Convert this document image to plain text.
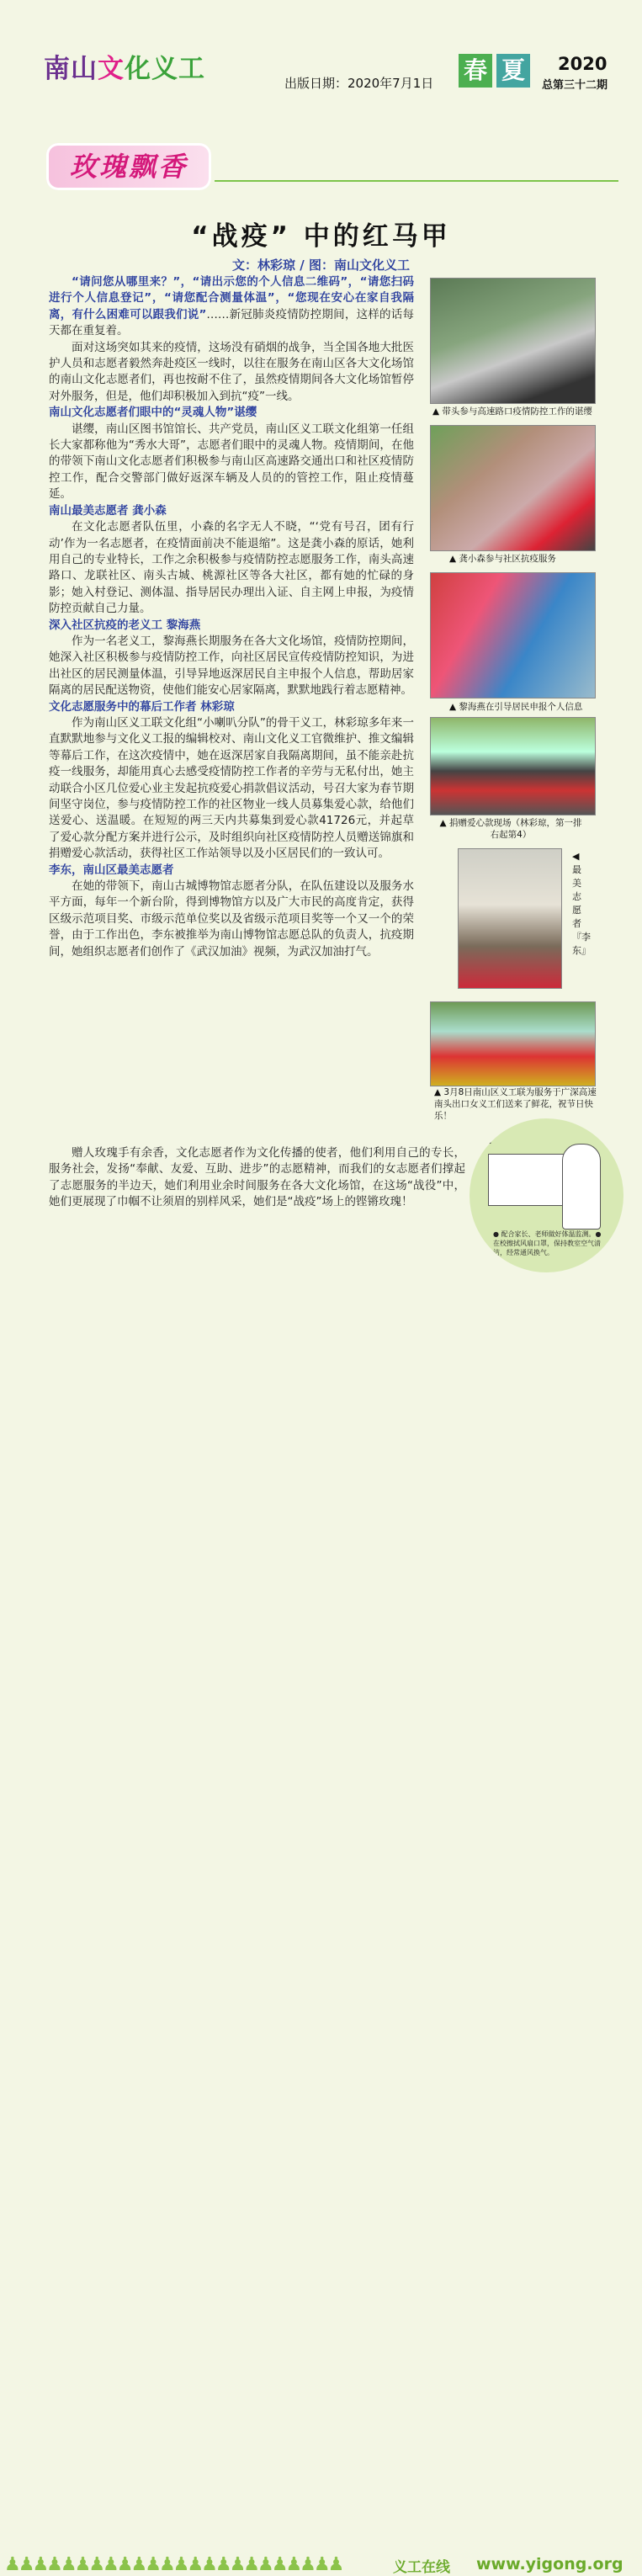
南山文化义工	出版日期：2020年7月1日 春 夏 2020
总第三十二期
玫瑰飘香
“战疫” 中的红马甲
文：林彩琼 / 图：南山文化义工

“请问您从哪里来？”，“请出示您的个人信息二维码”，“请您扫码进行个人信息登记”，“请您配合测量体温”，“您现在安心在家自我隔离，有什么困难可以跟我们说”……新冠肺炎疫情防控期间，这样的话每天都在重复着。

面对这场突如其来的疫情，这场没有硝烟的战争，当全国各地大批医护人员和志愿者毅然奔赴疫区一线时，以往在服务在南山区各大文化场馆的南山文化志愿者们，再也按耐不住了，虽然疫情期间各大文化场馆暂停对外服务，但是，他们却积极加入到抗“疫”一线。

南山文化志愿者们眼中的“灵魂人物”谌缨

谌缨，南山区图书馆馆长、共产党员，南山区义工联文化组第一任组长大家都称他为“秀水大哥”，志愿者们眼中的灵魂人物。疫情期间，在他的带领下南山文化志愿者们积极参与南山区高速路交通出口和社区疫情防控工作，配合交警部门做好返深车辆及人员的的管控工作，阻止疫情蔓延。

南山最美志愿者 龚小森

在文化志愿者队伍里，小森的名字无人不晓，“‘党有号召，团有行动’作为一名志愿者，在疫情面前决不能退缩”。这是龚小森的原话，她利用自己的专业特长，工作之余积极参与疫情防控志愿服务工作，南头高速路口、龙联社区、南头古城、桃源社区等各大社区，都有她的忙碌的身影；她入村登记、测体温、指导居民办理出入证、自主网上申报，为疫情防控贡献自己力量。

深入社区抗疫的老义工 黎海燕

作为一名老义工，黎海燕长期服务在各大文化场馆，疫情防控期间，她深入社区积极参与疫情防控工作，向社区居民宣传疫情防控知识，为进出社区的居民测量体温，引导异地返深居民自主申报个人信息，帮助居家隔离的居民配送物资，使他们能安心居家隔离，默默地践行着志愿精神。

文化志愿服务中的幕后工作者 林彩琼

作为南山区义工联文化组“小喇叭分队”的骨干义工，林彩琼多年来一直默默地参与文化义工报的编辑校对、南山文化义工官微维护、推文编辑等幕后工作，在这次疫情中，她在返深居家自我隔离期间，虽不能亲赴抗疫一线服务，却能用真心去感受疫情防控工作者的辛劳与无私付出，她主动联合小区几位爱心业主发起抗疫爱心捐款倡议活动，号召大家为春节期间坚守岗位，参与疫情防控工作的社区物业一线人员募集爱心款，给他们送爱心、送温暖。在短短的两三天内共募集到爱心款41726元，并起草了爱心款分配方案并进行公示，及时组织向社区疫情防控人员赠送锦旗和捐赠爱心款活动，获得社区工作站领导以及小区居民们的一致认可。

李东，南山区最美志愿者

在她的带领下，南山古城博物馆志愿者分队，在队伍建设以及服务水平方面，每年一个新台阶，得到博物馆方以及广大市民的高度肯定，获得区级示范项目奖、市级示范单位奖以及省级示范项目奖等一个又一个的荣誉，由于工作出色，李东被推举为南山博物馆志愿总队的负责人，抗疫期间，她组织志愿者们创作了《武汉加油》视频，为武汉加油打气。

赠人玫瑰手有余香，文化志愿者作为文化传播的使者，他们利用自己的专长，服务社会，发扬“奉献、友爱、互助、进步”的志愿精神，而我们的女志愿者们撑起了志愿服务的半边天，她们利用业余时间服务在各大文化场馆，在这场“战役”中，她们更展现了巾帼不让须眉的别样风采，她们是“战疫”场上的铿锵玫瑰！

▲ 带头参与高速路口疫情防控工作的谌缨
▲ 龚小森参与社区抗疫服务
▲ 黎海燕在引导居民申报个人信息
▲ 捐赠爱心款现场（林彩琼，第一排右起第4）
◀最美志愿者『李东』
▲ 3月8日南山区义工联为服务于广深高速南头出口女义工们送来了鲜花，祝节日快乐！
1
● 配合家长、老师做好体温监测。● 在校擦拭风扇口罩，保持教室空气清洁，经常通风换气。
♟♟♟♟♟♟♟♟♟♟♟♟♟♟♟♟♟♟♟♟♟♟♟♟	义工在线 www.yigong.org
